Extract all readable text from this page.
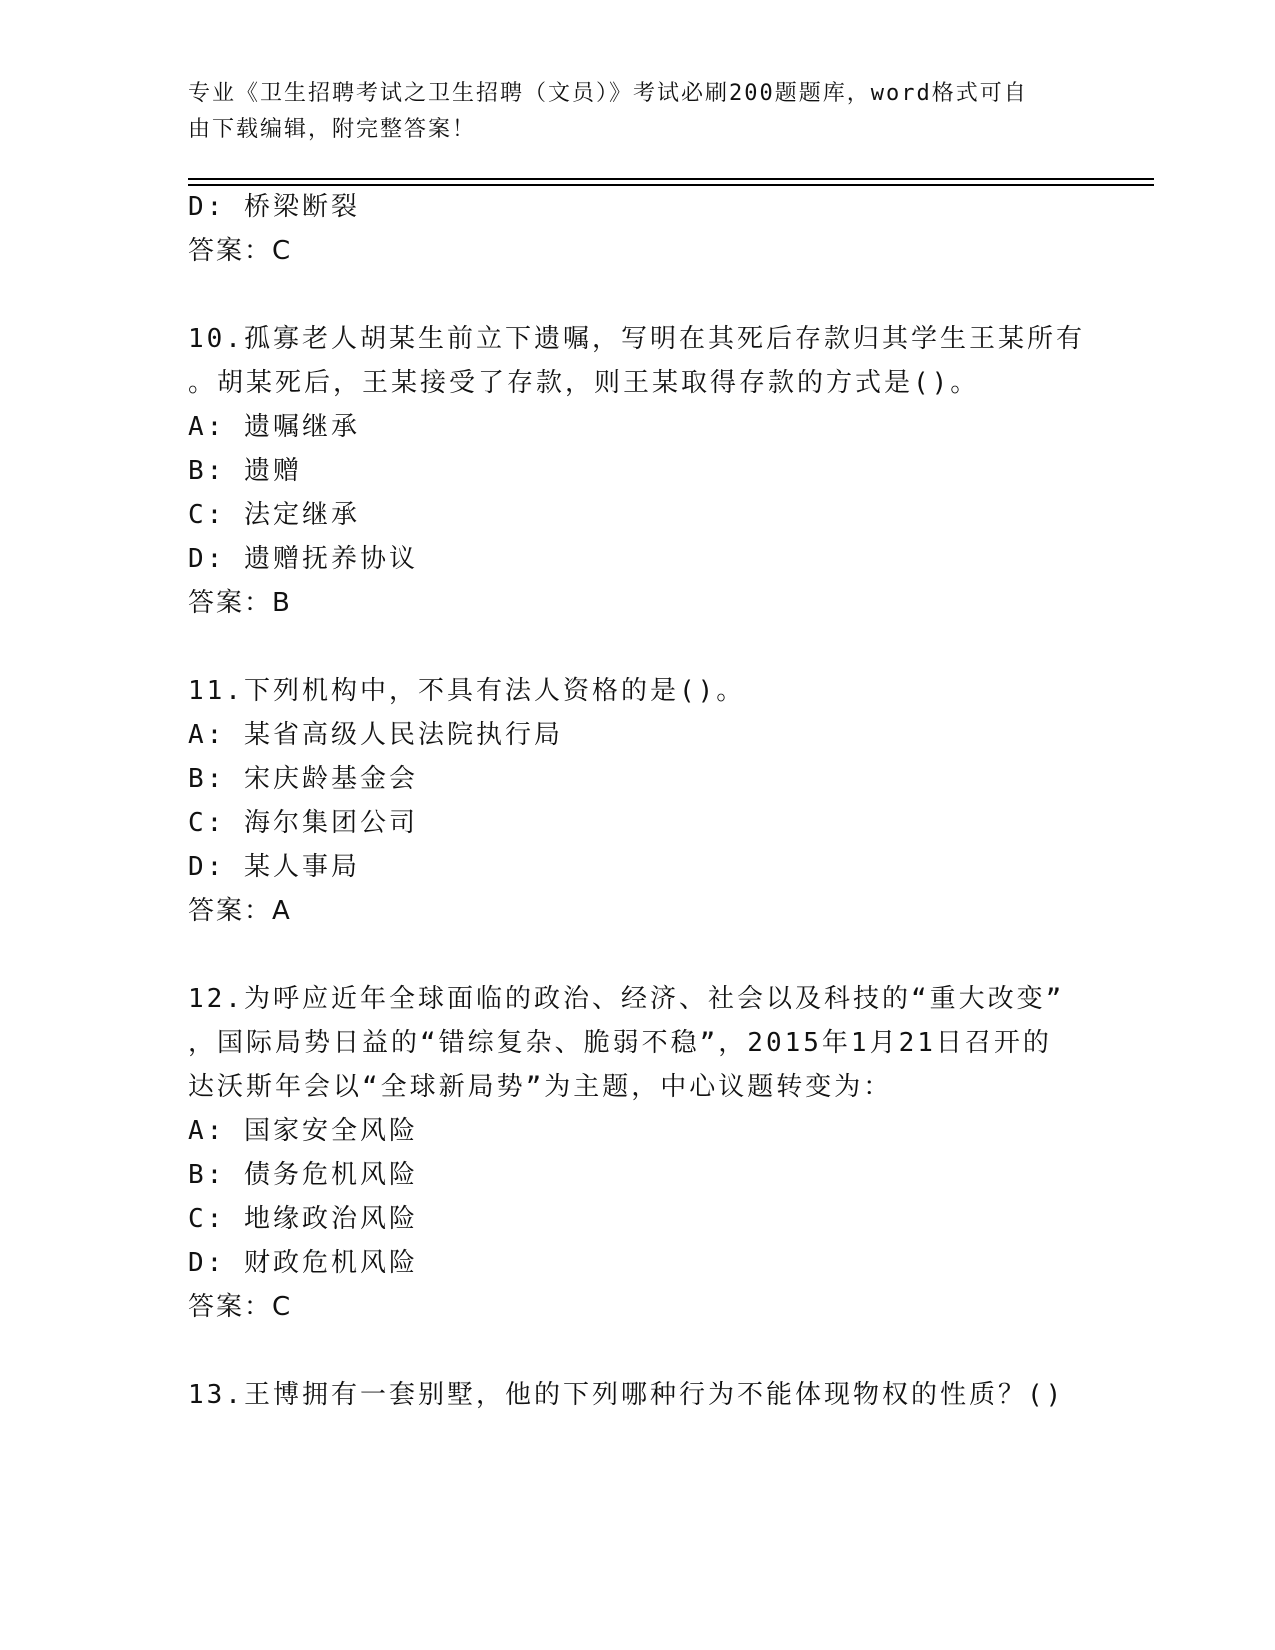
专业《卫生招聘考试之卫生招聘（文员）》考试必刷200题题库，word格式可自
由下载编辑，附完整答案！
D: 桥梁断裂
答案：C
10.孤寡老人胡某生前立下遗嘱，写明在其死后存款归其学生王某所有
。胡某死后，王某接受了存款，则王某取得存款的方式是()。
A: 遗嘱继承
B: 遗赠
C: 法定继承
D: 遗赠抚养协议
答案：B
11.下列机构中，不具有法人资格的是()。
A: 某省高级人民法院执行局
B: 宋庆龄基金会
C: 海尔集团公司
D: 某人事局
答案：A
12.为呼应近年全球面临的政治、经济、社会以及科技的“重大改变”
，国际局势日益的“错综复杂、脆弱不稳”，2015年1月21日召开的
达沃斯年会以“全球新局势”为主题，中心议题转变为：
A: 国家安全风险
B: 债务危机风险
C: 地缘政治风险
D: 财政危机风险
答案：C
13.王博拥有一套别墅，他的下列哪种行为不能体现物权的性质？()
